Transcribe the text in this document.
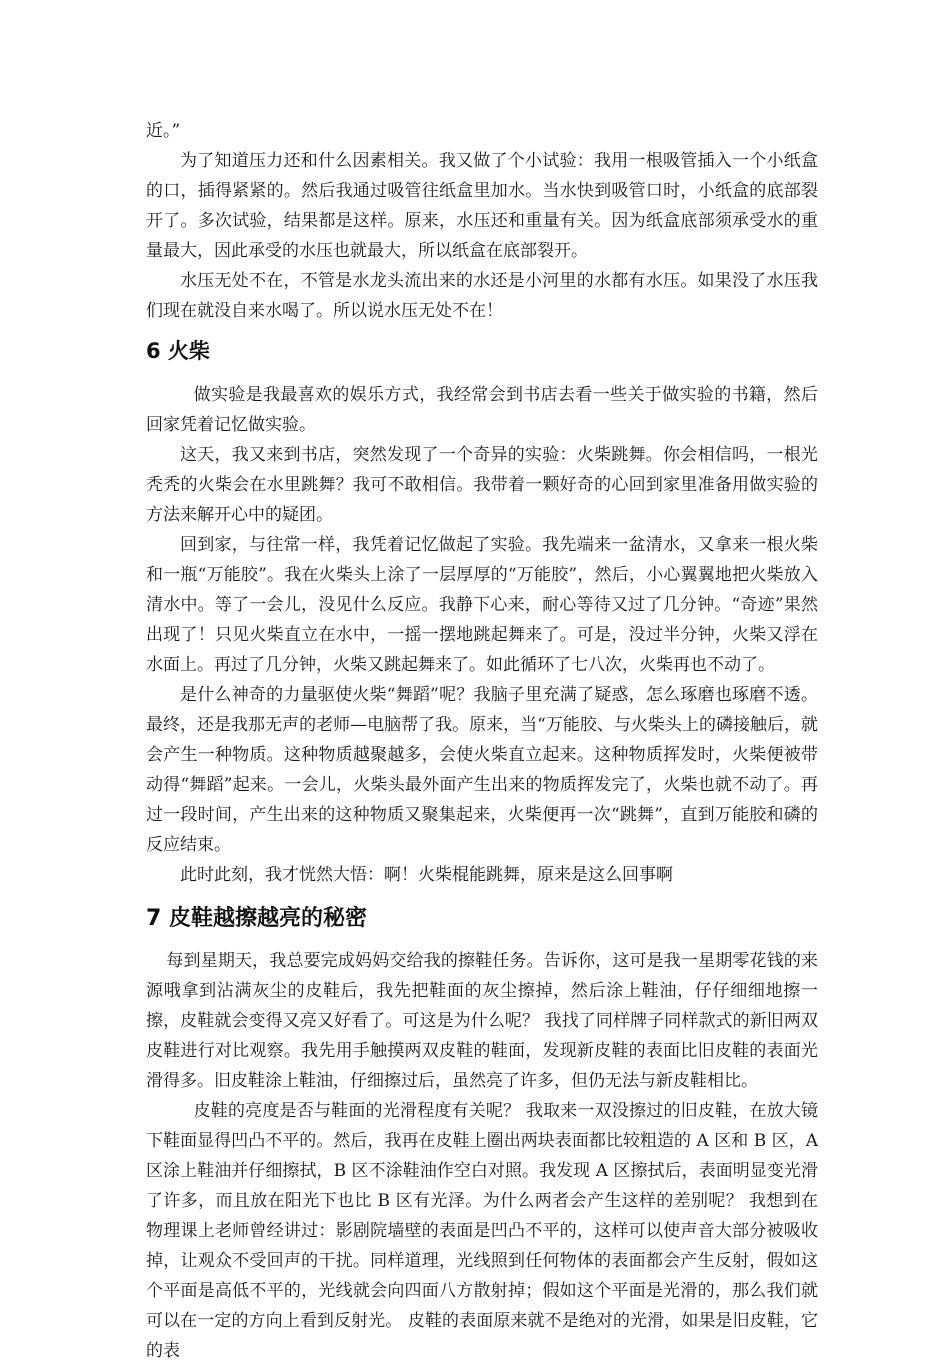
近。”

为了知道压力还和什么因素相关。我又做了个小试验：我用一根吸管插入一个小纸盒的口，插得紧紧的。然后我通过吸管往纸盒里加水。当水快到吸管口时，小纸盒的底部裂开了。多次试验，结果都是这样。原来，水压还和重量有关。因为纸盒底部须承受水的重量最大，因此承受的水压也就最大，所以纸盒在底部裂开。

水压无处不在，不管是水龙头流出来的水还是小河里的水都有水压。如果没了水压我们现在就没自来水喝了。所以说水压无处不在！

6 火柴

做实验是我最喜欢的娱乐方式，我经常会到书店去看一些关于做实验的书籍，然后回家凭着记忆做实验。

这天，我又来到书店，突然发现了一个奇异的实验：火柴跳舞。你会相信吗，一根光秃秃的火柴会在水里跳舞？我可不敢相信。我带着一颗好奇的心回到家里准备用做实验的方法来解开心中的疑团。

回到家，与往常一样，我凭着记忆做起了实验。我先端来一盆清水，又拿来一根火柴和一瓶“万能胶”。我在火柴头上涂了一层厚厚的“万能胶”，然后，小心翼翼地把火柴放入清水中。等了一会儿，没见什么反应。我静下心来，耐心等待又过了几分钟。“奇迹”果然出现了！只见火柴直立在水中，一摇一摆地跳起舞来了。可是，没过半分钟，火柴又浮在水面上。再过了几分钟，火柴又跳起舞来了。如此循环了七八次，火柴再也不动了。

是什么神奇的力量驱使火柴“舞蹈”呢？我脑子里充满了疑惑，怎么琢磨也琢磨不透。最终，还是我那无声的老师—电脑帮了我。原来，当“万能胶、与火柴头上的磷接触后，就会产生一种物质。这种物质越聚越多，会使火柴直立起来。这种物质挥发时，火柴便被带动得“舞蹈”起来。一会儿，火柴头最外面产生出来的物质挥发完了，火柴也就不动了。再过一段时间，产生出来的这种物质又聚集起来，火柴便再一次“跳舞”，直到万能胶和磷的反应结束。

此时此刻，我才恍然大悟：啊！火柴棍能跳舞，原来是这么回事啊

7 皮鞋越擦越亮的秘密

每到星期天，我总要完成妈妈交给我的擦鞋任务。告诉你，这可是我一星期零花钱的来源哦拿到沾满灰尘的皮鞋后，我先把鞋面的灰尘擦掉，然后涂上鞋油，仔仔细细地擦一擦，皮鞋就会变得又亮又好看了。可这是为什么呢？ 我找了同样牌子同样款式的新旧两双皮鞋进行对比观察。我先用手触摸两双皮鞋的鞋面，发现新皮鞋的表面比旧皮鞋的表面光滑得多。旧皮鞋涂上鞋油，仔细擦过后，虽然亮了许多，但仍无法与新皮鞋相比。

皮鞋的亮度是否与鞋面的光滑程度有关呢？ 我取来一双没擦过的旧皮鞋，在放大镜下鞋面显得凹凸不平的。然后，我再在皮鞋上圈出两块表面都比较粗造的 A 区和 B 区，A 区涂上鞋油并仔细擦拭，B 区不涂鞋油作空白对照。我发现 A 区擦拭后，表面明显变光滑了许多，而且放在阳光下也比 B 区有光泽。为什么两者会产生这样的差别呢？ 我想到在物理课上老师曾经讲过：影剧院墙壁的表面是凹凸不平的，这样可以使声音大部分被吸收掉，让观众不受回声的干扰。同样道理，光线照到任何物体的表面都会产生反射，假如这个平面是高低不平的，光线就会向四面八方散射掉；假如这个平面是光滑的，那么我们就可以在一定的方向上看到反射光。 皮鞋的表面原来就不是绝对的光滑，如果是旧皮鞋，它的表
